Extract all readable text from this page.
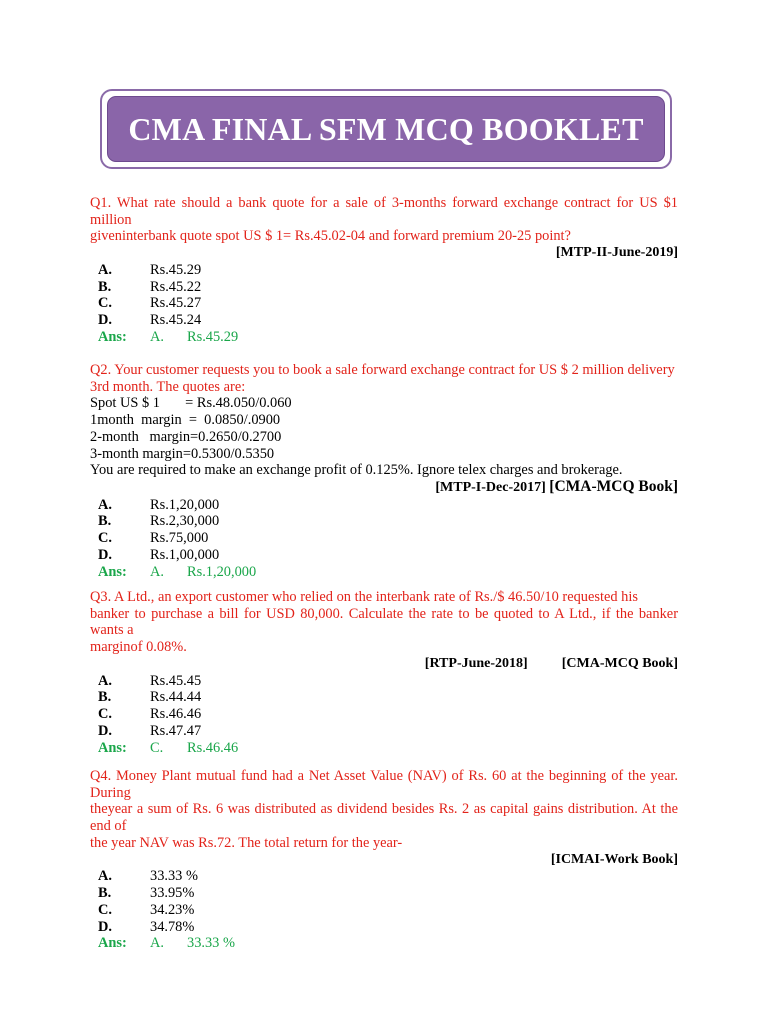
CMA FINAL SFM MCQ BOOKLET
Q1. What rate should a bank quote for a sale of 3-months forward exchange contract for US $1 million
giveninterbank quote spot US $ 1= Rs.45.02-04 and forward premium 20-25 point?
[MTP-II-June-2019]
A.	Rs.45.29
B.	Rs.45.22
C.	Rs.45.27
D.	Rs.45.24
Ans:	A.	Rs.45.29
Q2. Your customer requests you to book a sale forward exchange contract for US $ 2 million delivery
3rd month. The quotes are:
Spot US $ 1       = Rs.48.050/0.060
1month  margin  =  0.0850/.0900
2-month   margin=0.2650/0.2700
3-month margin=0.5300/0.5350
You are required to make an exchange profit of 0.125%. Ignore telex charges and brokerage.
[MTP-I-Dec-2017] [CMA-MCQ Book]
A.	Rs.1,20,000
B.	Rs.2,30,000
C.	Rs.75,000
D.	Rs.1,00,000
Ans:	A.	Rs.1,20,000
Q3. A Ltd., an export customer who relied on the interbank rate of Rs./$ 46.50/10 requested his
banker to purchase a bill for USD 80,000. Calculate the rate to be quoted to A Ltd., if the banker wants a
marginof 0.08%.
[RTP-June-2018] [CMA-MCQ Book]
A.	Rs.45.45
B.	Rs.44.44
C.	Rs.46.46
D.	Rs.47.47
Ans:	C.	Rs.46.46
Q4. Money Plant mutual fund had a Net Asset Value (NAV) of Rs. 60 at the beginning of the year. During
theyear a sum of Rs. 6 was distributed as dividend besides Rs. 2 as capital gains distribution. At the end of
the year NAV was Rs.72. The total return for the year-
[ICMAI-Work Book]
A.	33.33 %
B.	33.95%
C.	34.23%
D.	34.78%
Ans:	A.	33.33 %
